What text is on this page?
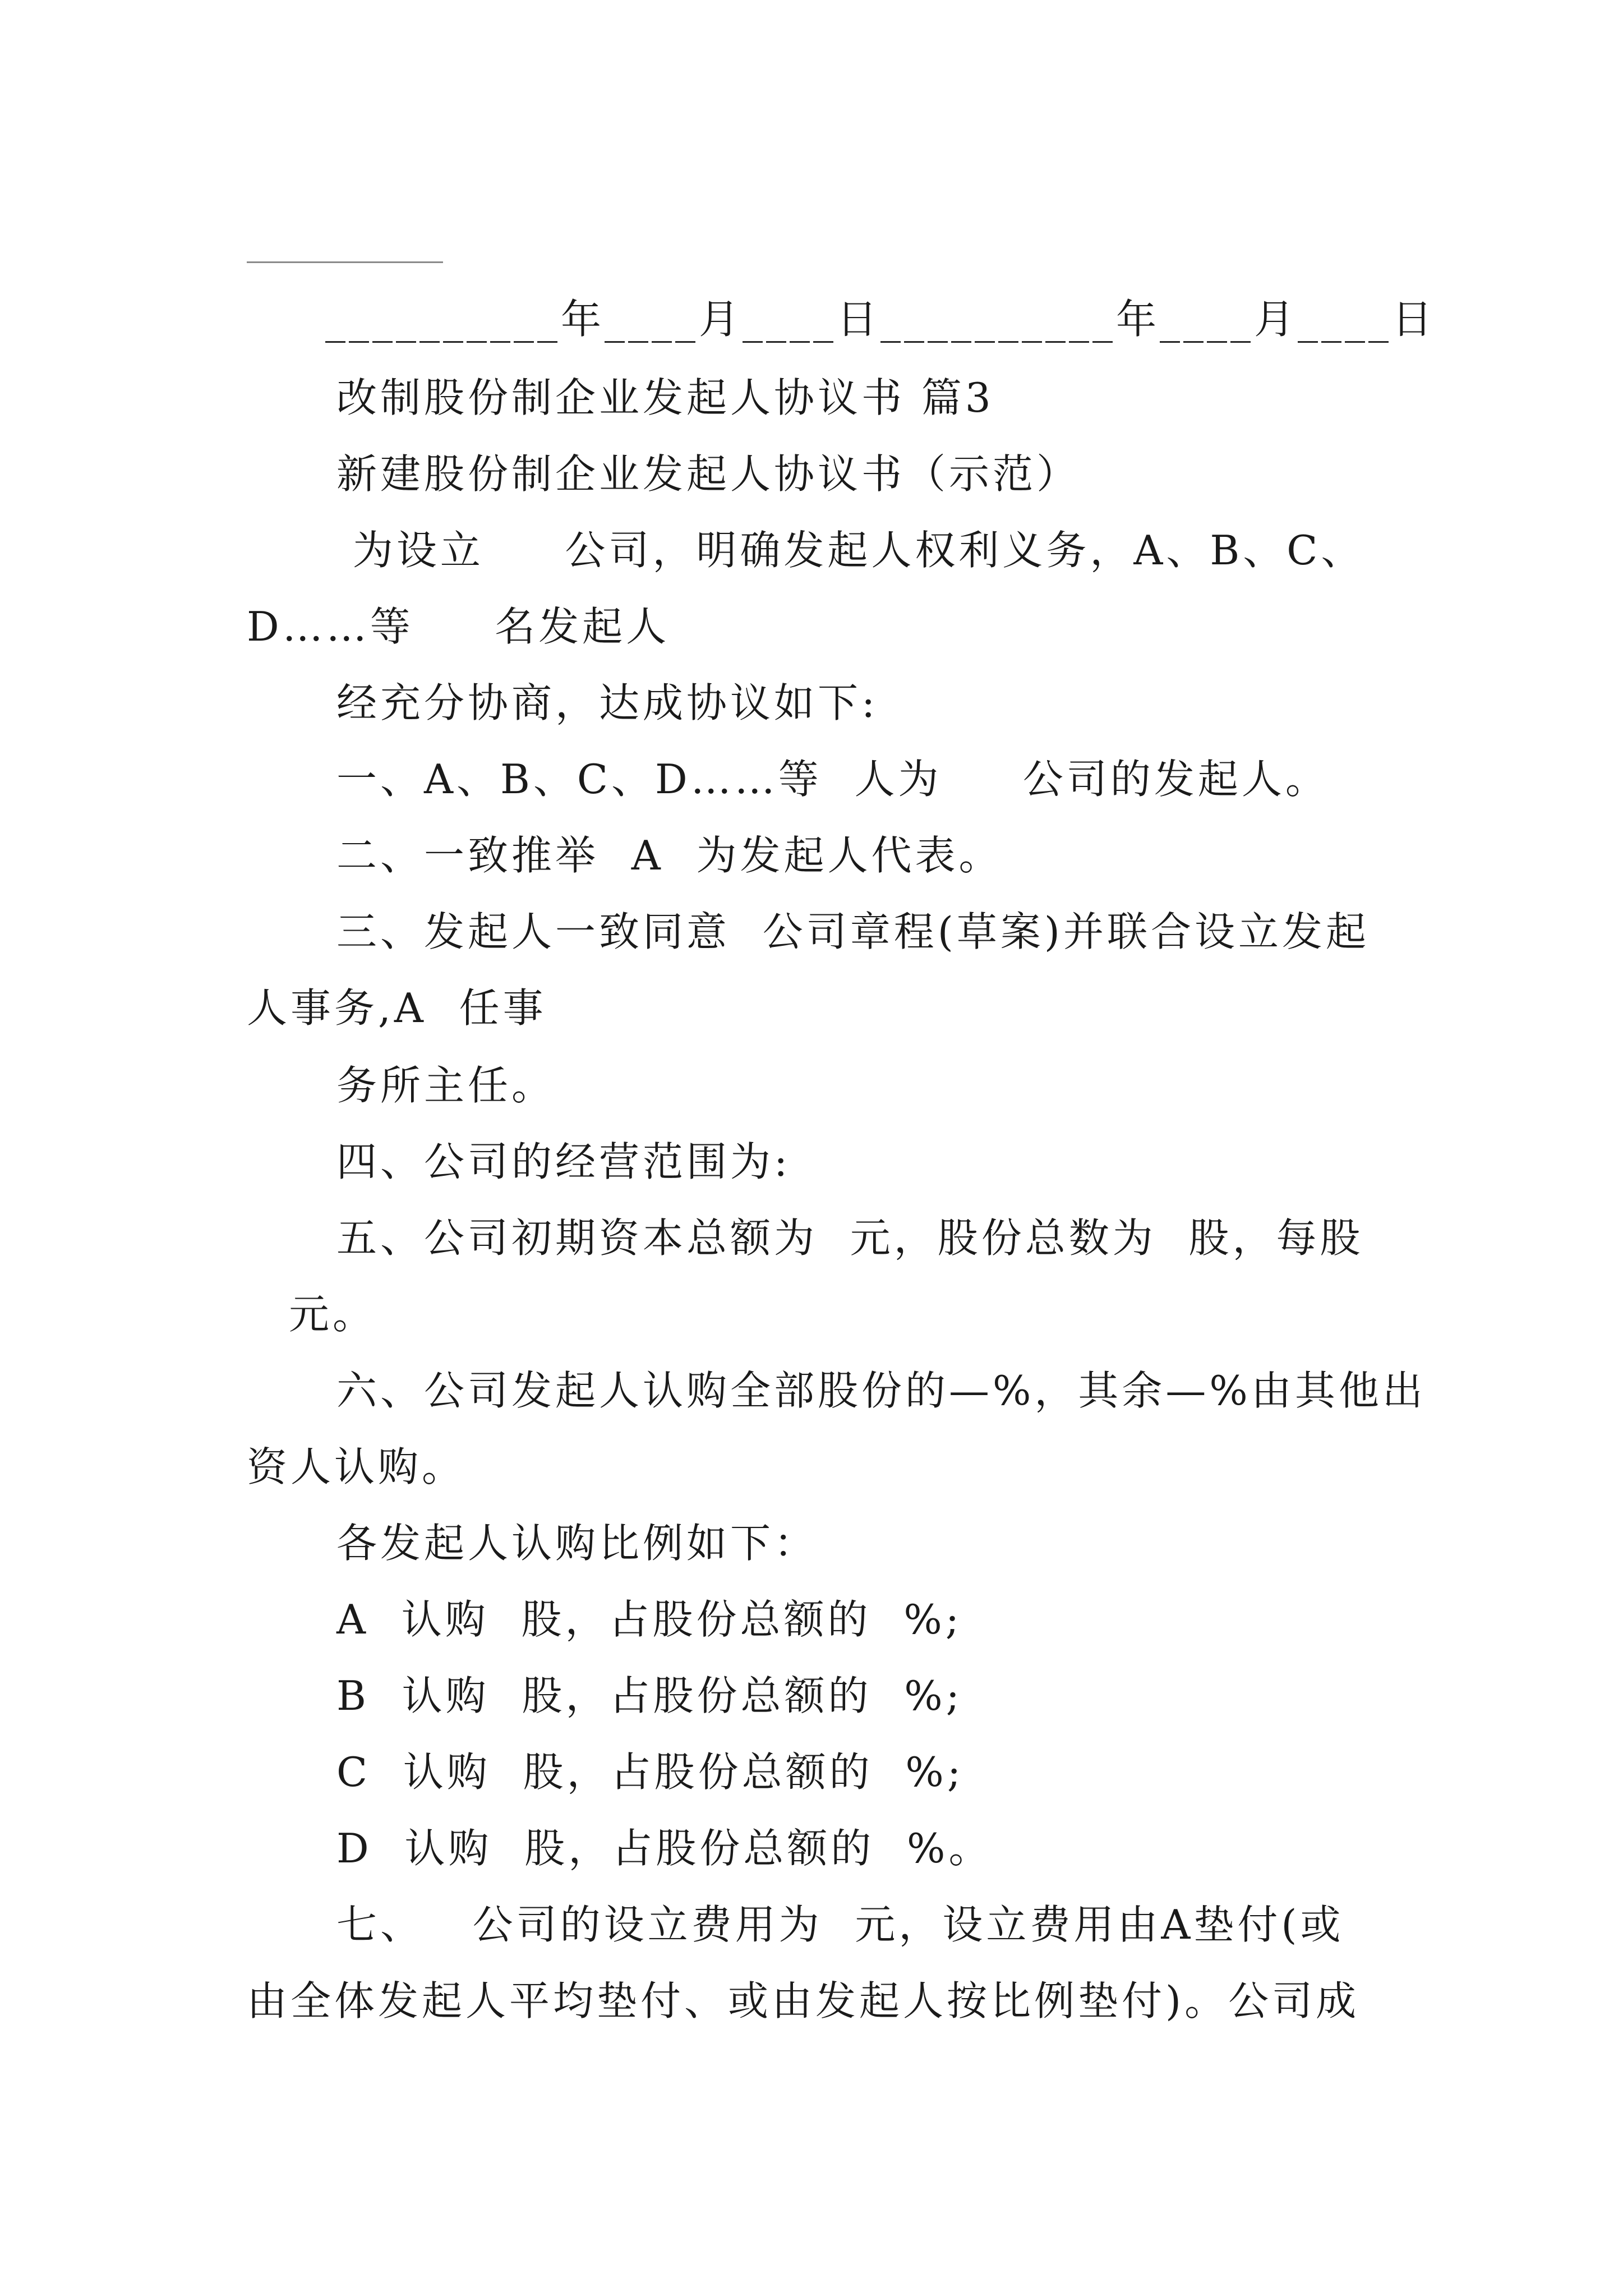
__________年____月____日__________年____月____日
改制股份制企业发起人协议书 篇3
新建股份制企业发起人协议书（示范）
为设立     公司，明确发起人权利义务，A、B、C、
D……等     名发起人
经充分协商，达成协议如下:
一、A、B、C、D……等  人为     公司的发起人。
二、一致推举  A  为发起人代表。
三、发起人一致同意  公司章程(草案)并联合设立发起
人事务,A  任事
务所主任。
四、公司的经营范围为:
五、公司初期资本总额为  元，股份总数为  股，每股
元。
六、公司发起人认购全部股份的—%，其余—%由其他出
资人认购。
各发起人认购比例如下：
A  认购  股，占股份总额的  %;
B  认购  股，占股份总额的  %;
C  认购  股，占股份总额的  %;
D  认购  股，占股份总额的  %。
七、   公司的设立费用为  元，设立费用由A垫付(或
由全体发起人平均垫付、或由发起人按比例垫付)。公司成
